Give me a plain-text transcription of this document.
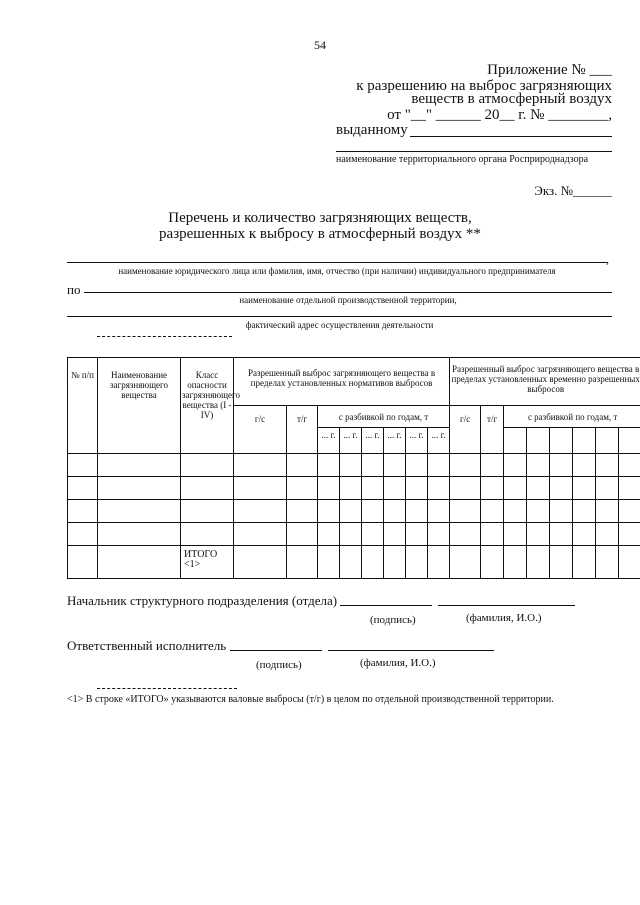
54
Приложение № ___
к разрешению на выброс загрязняющих
веществ в атмосферный воздух
от "__" ______ 20__ г. № ________,
выданному
наименование территориального органа Росприроднадзора
Экз. №______
Перечень и количество загрязняющих веществ,
разрешенных к выбросу в атмосферный воздух **
,
наименование юридического лица или фамилия, имя, отчество (при наличии) индивидуального предпринимателя
по
наименование отдельной производственной территории,
фактический адрес осуществления деятельности
№ п/п	Наименование загрязняющего вещества	Класс опасности загрязняющего вещества (I - IV)	Разрешенный выброс загрязняющего вещества в пределах установленных нормативов выбросов								Разрешенный выброс загрязняющего вещества в пределах установленных временно разрешенных выбросов							
			г/с	т/г	с разбивкой по годам, т						г/с	т/г	с разбивкой по годам, т					
					... г.	... г.	... г.	... г.	... г.	... г.								

		ИТОГО <1>																
Начальник структурного подразделения (отдела)
(подпись)	(фамилия, И.О.)
Ответственный исполнитель
(подпись)	(фамилия, И.О.)
<1> В строке «ИТОГО» указываются валовые выбросы (т/г) в целом по отдельной производственной территории.
